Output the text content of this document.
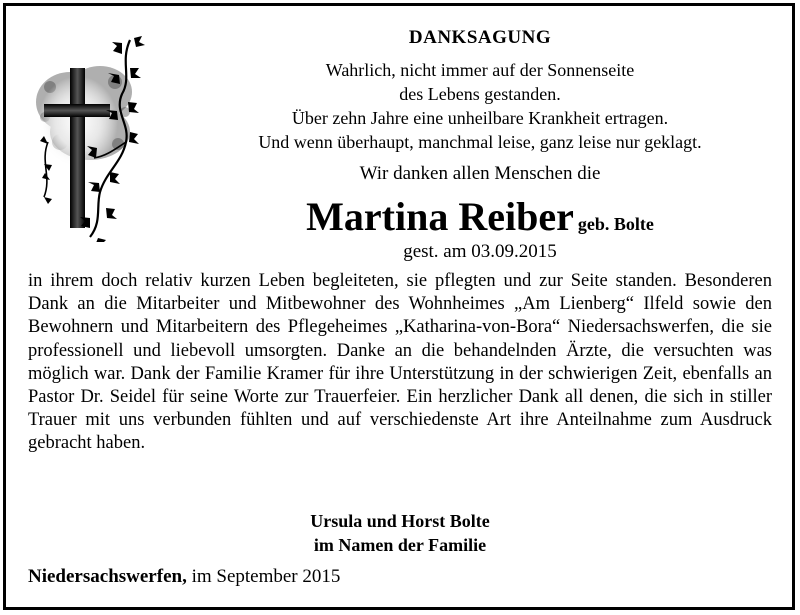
DANKSAGUNG
Wahrlich, nicht immer auf der Sonnenseite
des Lebens gestanden.
Über zehn Jahre eine unheilbare Krankheit ertragen.
Und wenn überhaupt, manchmal leise, ganz leise nur geklagt.
Wir danken allen Menschen die
Martina Reiber geb. Bolte
gest. am 03.09.2015
in ihrem doch relativ kurzen Leben begleiteten, sie pflegten und zur Seite standen. Besonderen Dank an die Mitarbeiter und Mitbewohner des Wohnheimes „Am Lienberg“ Ilfeld sowie den Bewohnern und Mitarbeitern des Pflegeheimes „Katharina-von-Bora“ Niedersachswerfen, die sie professionell und liebevoll umsorgten. Danke an die behandelnden Ärzte, die versuchten was möglich war. Dank der Familie Kramer für ihre Unterstützung in der schwierigen Zeit, ebenfalls an Pastor Dr. Seidel für seine Worte zur Trauerfeier. Ein herzlicher Dank all denen, die sich in stiller Trauer mit uns verbunden fühlten und auf verschiedenste Art ihre Anteilnahme zum Ausdruck gebracht haben.
Ursula und Horst Bolte
im Namen der Familie
Niedersachswerfen, im September 2015
